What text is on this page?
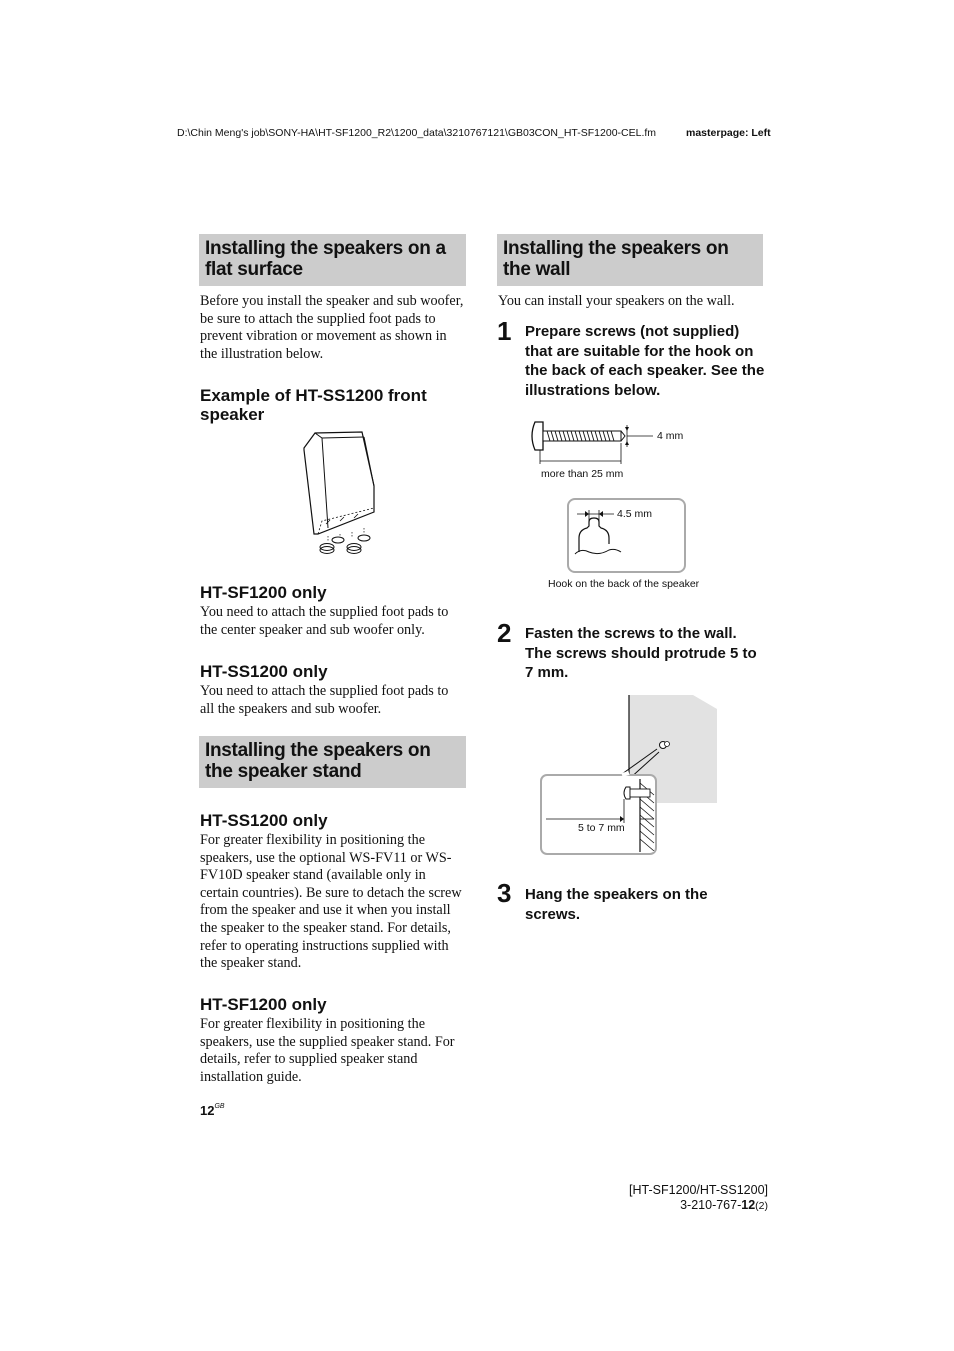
D:\Chin Meng's job\SONY-HA\HT-SF1200_R2\1200_data\3210767121\GB03CON_HT-SF1200-CEL.fm	masterpage: Left
Installing the speakers on a
flat surface
Before you install the speaker and sub woofer, be sure to attach the supplied foot pads to prevent vibration or movement as shown in the illustration below.
Example of HT-SS1200 front speaker
HT-SF1200 only
You need to attach the supplied foot pads to the center speaker and sub woofer only.
HT-SS1200 only
You need to attach the supplied foot pads to all the speakers and sub woofer.
Installing the speakers on
the speaker stand
HT-SS1200 only
For greater flexibility in positioning the speakers, use the optional WS-FV11 or WS-FV10D speaker stand (available only in certain countries). Be sure to detach the screw from the speaker and use it when you install the speaker to the speaker stand. For details, refer to operating instructions supplied with the speaker stand.
HT-SF1200 only
For greater flexibility in positioning the speakers, use the supplied speaker stand. For details, refer to supplied speaker stand installation guide.
$12^{GB}$
Installing the speakers on
the wall
You can install your speakers on the wall.
1 Prepare screws (not supplied) that are suitable for the hook on the back of each speaker. See the illustrations below.
4 mm
more than 25 mm
4.5 mm
Hook on the back of the speaker
2 Fasten the screws to the wall. The screws should protrude 5 to 7 mm.
5 to 7 mm
3 Hang the speakers on the screws.
[HT-SF1200/HT-SS1200]
3-210-767-12(2)
